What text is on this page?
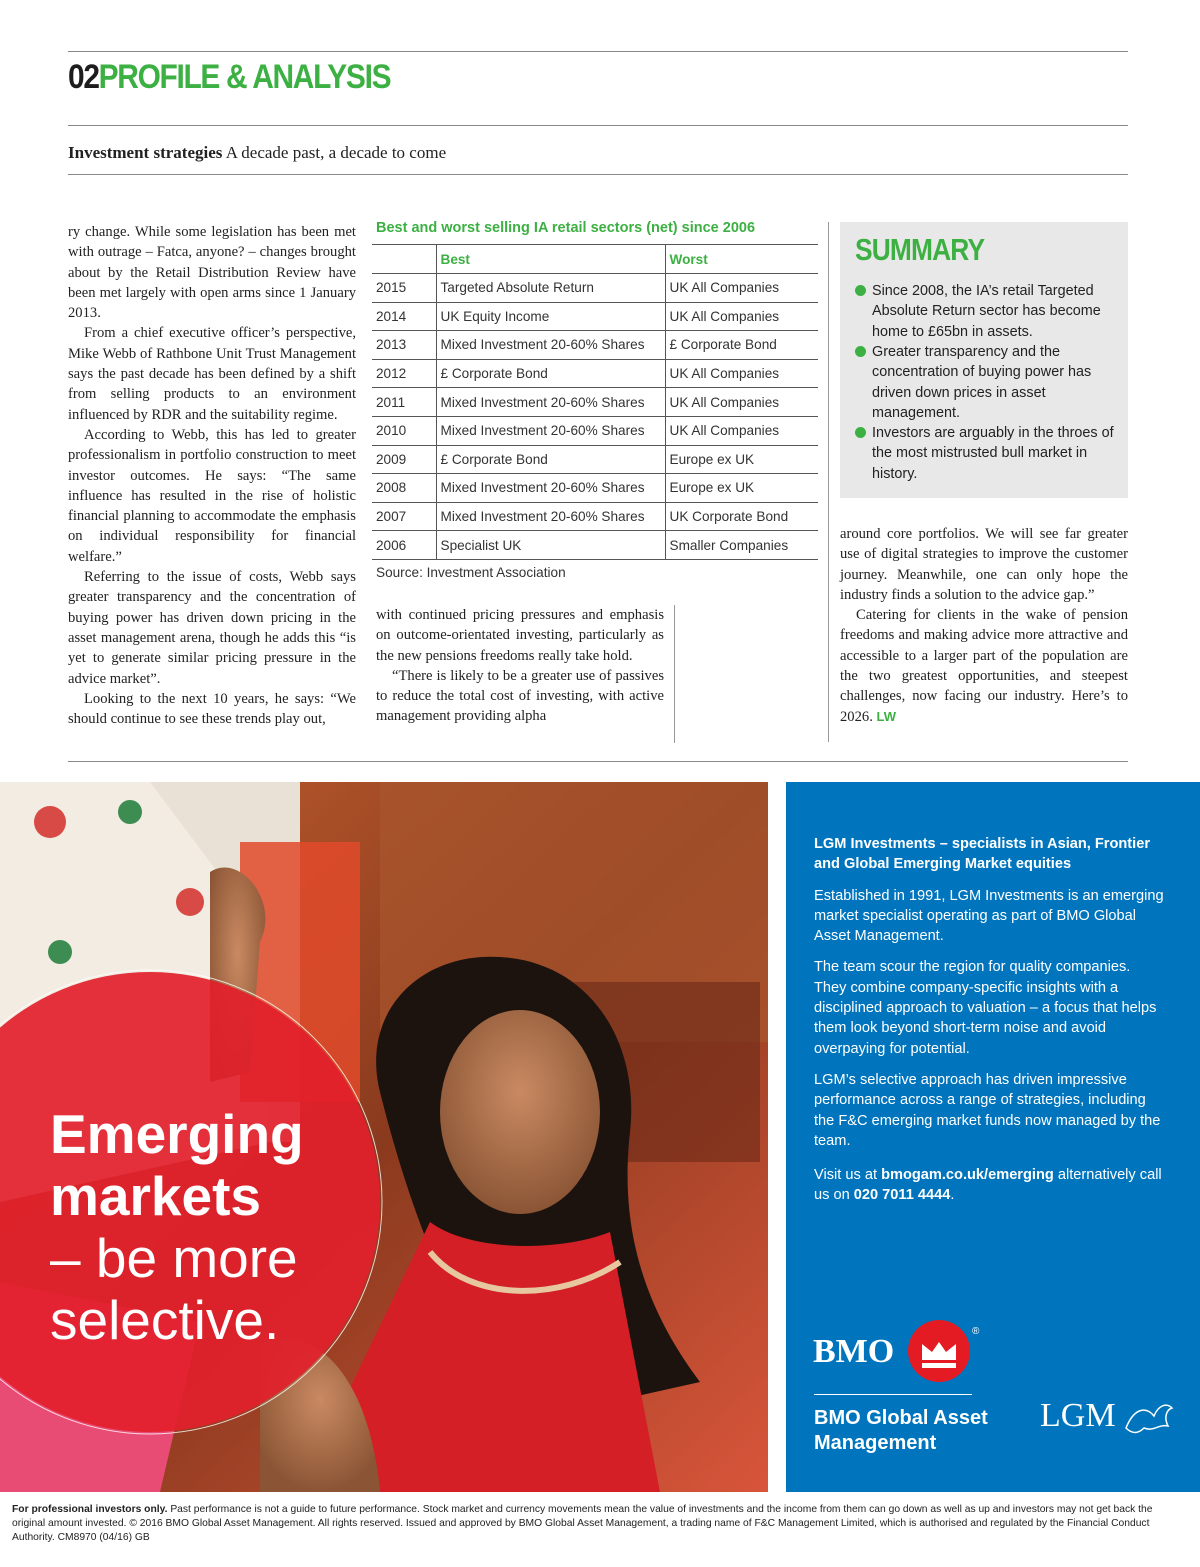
02PROFILE & ANALYSIS
Investment strategies A decade past, a decade to come

ry change. While some legislation has been met with outrage – Fatca, anyone? – changes brought about by the Retail Distribution Review have been met largely with open arms since 1 January 2013.

From a chief executive officer’s perspective, Mike Webb of Rathbone Unit Trust Management says the past decade has been defined by a shift from selling products to an environment influenced by RDR and the suitability regime.

According to Webb, this has led to greater professionalism in portfolio construction to meet investor outcomes. He says: “The same influence has resulted in the rise of holistic financial planning to accommodate the emphasis on individual responsibility for financial welfare.”

Referring to the issue of costs, Webb says greater transparency and the concentration of buying power has driven down pricing in the asset management arena, though he adds this “is yet to generate similar pricing pressure in the advice market”.

Looking to the next 10 years, he says: “We should continue to see these trends play out,

Best and worst selling IA retail sectors (net) since 2006
	Best	Worst
2015	Targeted Absolute Return	UK All Companies
2014	UK Equity Income	UK All Companies
2013	Mixed Investment 20-60% Shares	£ Corporate Bond
2012	£ Corporate Bond	UK All Companies
2011	Mixed Investment 20-60% Shares	UK All Companies
2010	Mixed Investment 20-60% Shares	UK All Companies
2009	£ Corporate Bond	Europe ex UK
2008	Mixed Investment 20-60% Shares	Europe ex UK
2007	Mixed Investment 20-60% Shares	UK Corporate Bond
2006	Specialist UK	Smaller Companies
Source: Investment Association

with continued pricing pressures and emphasis on outcome-orientated investing, particularly as the new pensions freedoms really take hold.

“There is likely to be a greater use of passives to reduce the total cost of investing, with active management providing alpha

SUMMARY
Since 2008, the IA’s retail Targeted Absolute Return sector has become home to £65bn in assets.
Greater transparency and the concentration of buying power has driven down prices in asset management.
Investors are arguably in the throes of the most mistrusted bull market in history.

around core portfolios. We will see far greater use of digital strategies to improve the customer journey. Meanwhile, one can only hope the industry finds a solution to the advice gap.”

Catering for clients in the wake of pension freedoms and making advice more attractive and accessible to a larger part of the population are the two greatest opportunities, and steepest challenges, now facing our industry. Here’s to 2026. LW

Emerging
markets
– be more
selective.

LGM Investments – specialists in Asian, Frontier and Global Emerging Market equities

Established in 1991, LGM Investments is an emerging market specialist operating as part of BMO Global Asset Management.

The team scour the region for quality companies. They combine company-specific insights with a disciplined approach to valuation – a focus that helps them look beyond short-term noise and avoid overpaying for potential.

LGM’s selective approach has driven impressive performance across a range of strategies, including the F&C emerging market funds now managed by the team.

Visit us at bmogam.co.uk/emerging alternatively call us on 020 7011 4444.

BMO
®
BMO Global Asset
Management
LGM
For professional investors only. Past performance is not a guide to future performance. Stock market and currency movements mean the value of investments and the income from them can go down as well as up and investors may not get back the original amount invested. © 2016 BMO Global Asset Management. All rights reserved. Issued and approved by BMO Global Asset Management, a trading name of F&C Management Limited, which is authorised and regulated by the Financial Conduct Authority. CM8970 (04/16) GB
